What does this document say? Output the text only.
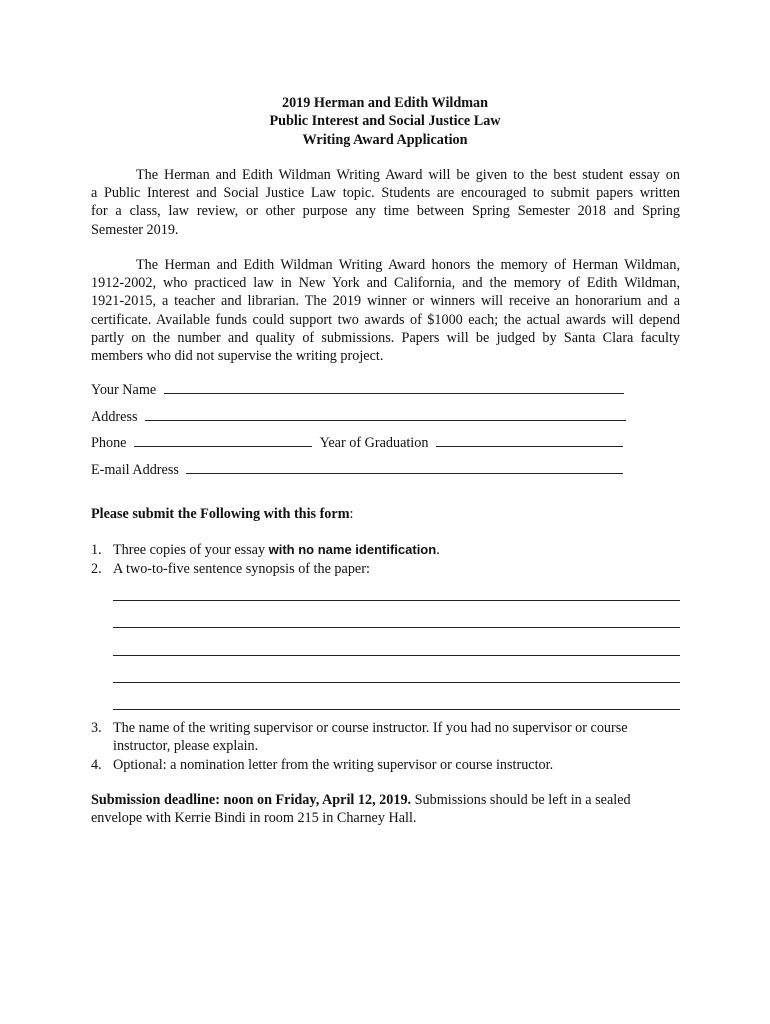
2019 Herman and Edith Wildman
Public Interest and Social Justice Law
Writing Award Application

The Herman and Edith Wildman Writing Award will be given to the best student essay on
a Public Interest and Social Justice Law topic. Students are encouraged to submit papers written
for a class, law review, or other purpose any time between Spring Semester 2018 and Spring
Semester 2019.

The Herman and Edith Wildman Writing Award honors the memory of Herman Wildman,
1912-2002, who practiced law in New York and California, and the memory of Edith Wildman,
1921-2015, a teacher and librarian. The 2019 winner or winners will receive an honorarium and a
certificate. Available funds could support two awards of $1000 each; the actual awards will depend
partly on the number and quality of submissions. Papers will be judged by Santa Clara faculty
members who did not supervise the writing project.

Your Name
Address
Phone	Year of Graduation
E-mail Address
Please submit the Following with this form:
1. Three copies of your essay with no name identification.
2. A two-to-five sentence synopsis of the paper:
3. The name of the writing supervisor or course instructor. If you had no supervisor or course
instructor, please explain.
4. Optional: a nomination letter from the writing supervisor or course instructor.
Submission deadline: noon on Friday, April 12, 2019. Submissions should be left in a sealed
envelope with Kerrie Bindi in room 215 in Charney Hall.
